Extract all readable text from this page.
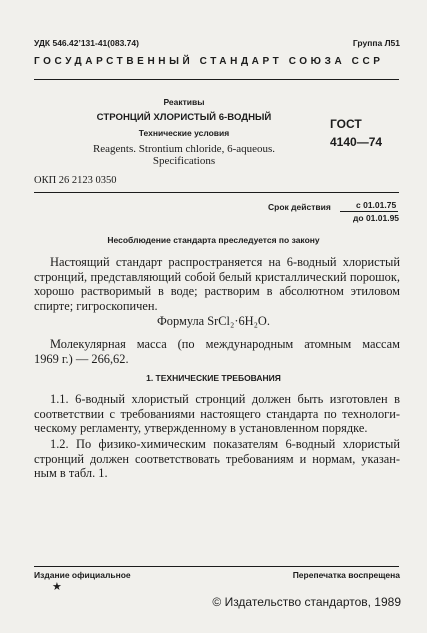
УДК 546.42’131-41(083.74)	Группа Л51
ГОСУДАРСТВЕННЫЙ СТАНДАРТ СОЮЗА ССР
Реактивы
СТРОНЦИЙ ХЛОРИСТЫЙ 6-ВОДНЫЙ
Технические условия
Reagents. Strontium chloride, 6-aqueous.
Specifications
ГОСТ
4140—74
ОКП 26 2123 0350
Срок действия	с 01.01.75
до 01.01.95
Несоблюдение стандарта преследуется по закону
Настоящий стандарт распространяется на 6-водный хлористый
стронций, представляющий собой белый кристаллический порошок,
хорошо растворимый в воде; растворим в абсолютном этиловом
спирте; гигроскопичен.
Формула SrCl₂·6H₂O.
Молекулярная масса (по международным атомным массам
1969 г.) — 266,62.
1. ТЕХНИЧЕСКИЕ ТРЕБОВАНИЯ
1.1. 6-водный хлористый стронций должен быть изготовлен в
соответствии с требованиями настоящего стандарта по технологи-
ческому регламенту, утвержденному в установленном порядке.
1.2. По физико-химическим показателям 6-водный хлористый
стронций должен соответствовать требованиям и нормам, указан-
ным в табл. 1.
Издание официальное	Перепечатка воспрещена
★
© Издательство стандартов, 1989
